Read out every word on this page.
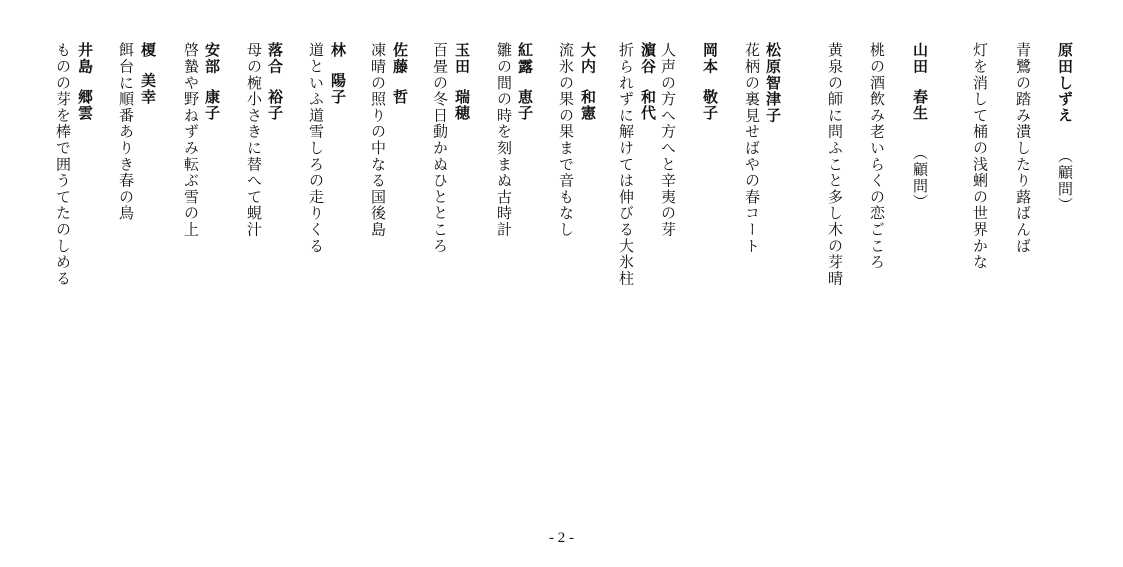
原田しずえ（顧問）
青鷺の踏み潰したり蕗ばんば
灯を消して桶の浅蜊の世界かな
山田春生（顧問）
桃の酒飲み老いらくの恋ごころ
黄泉の師に問ふこと多し木の芽晴
松原智津子
花柄の裏見せばやの春コート
岡本敬子
人声の方へ方へと辛夷の芽
濵谷和代
折られずに解けては伸びる大氷柱
大内和憲
流氷の果の果まで音もなし
紅露恵子
雛の間の時を刻まぬ古時計
玉田瑞穂
百畳の冬日動かぬひとところ
佐藤哲
凍晴の照りの中なる国後島
林陽子
道といふ道雪しろの走りくる
落合裕子
母の椀小さきに替へて蜆汁
安部康子
啓蟄や野ねずみ転ぶ雪の上
榎美幸
餌台に順番ありき春の鳥
井島郷雲
ものの芽を棒で囲うてたのしめる
- 2 -
